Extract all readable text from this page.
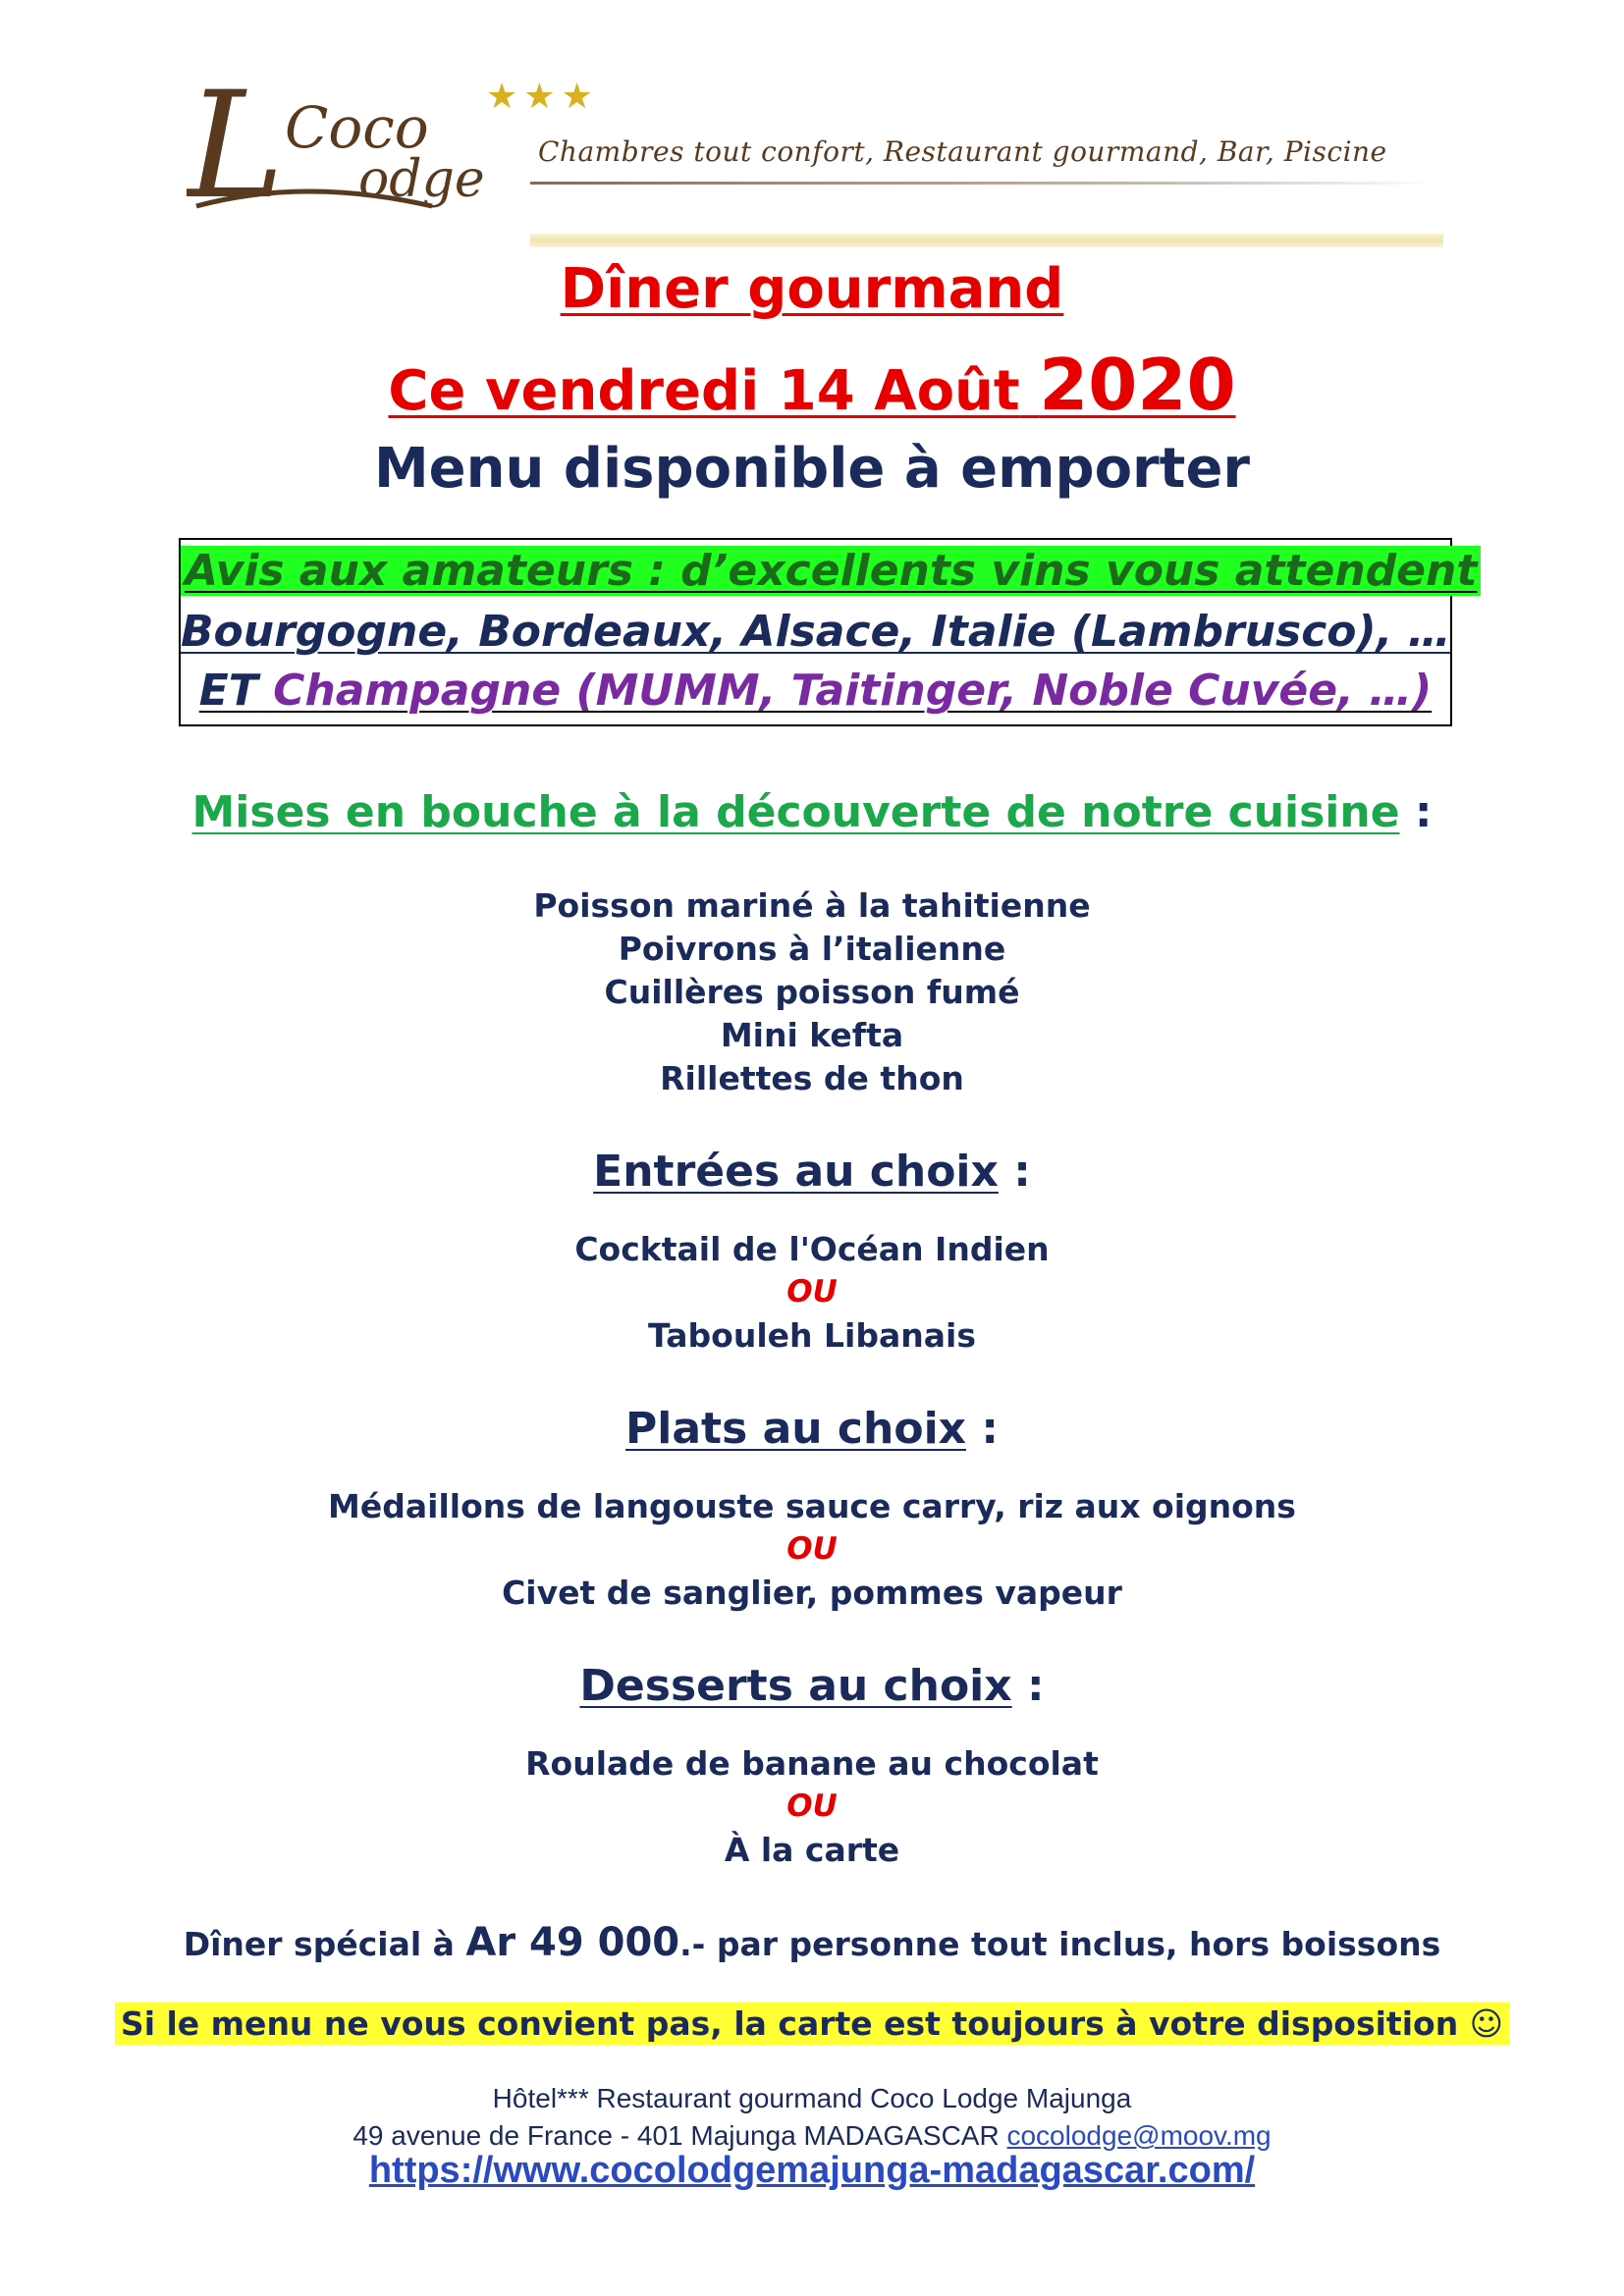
L Coco
odge
★★★
Chambres tout confort, Restaurant gourmand, Bar, Piscine
Dîner gourmand
Ce vendredi 14 Août 2020
Menu disponible à emporter
Avis aux amateurs : d’excellents vins vous attendent
Bourgogne, Bordeaux, Alsace, Italie (Lambrusco), …
ET Champagne (MUMM, Taitinger, Noble Cuvée, …)
Mises en bouche à la découverte de notre cuisine :
Poisson mariné à la tahitienne
Poivrons à l’italienne
Cuillères poisson fumé
Mini kefta
Rillettes de thon
Entrées au choix :
Cocktail de l'Océan Indien
OU
Tabouleh Libanais
Plats au choix :
Médaillons de langouste sauce carry, riz aux oignons
OU
Civet de sanglier, pommes vapeur
Desserts au choix :
Roulade de banane au chocolat
OU
À la carte
Dîner spécial à Ar 49 000.- par personne tout inclus, hors boissons
Si le menu ne vous convient pas, la carte est toujours à votre disposition ☺
Hôtel*** Restaurant gourmand Coco Lodge Majunga
49 avenue de France - 401 Majunga MADAGASCAR cocolodge@moov.mg
https://www.cocolodgemajunga-madagascar.com/
